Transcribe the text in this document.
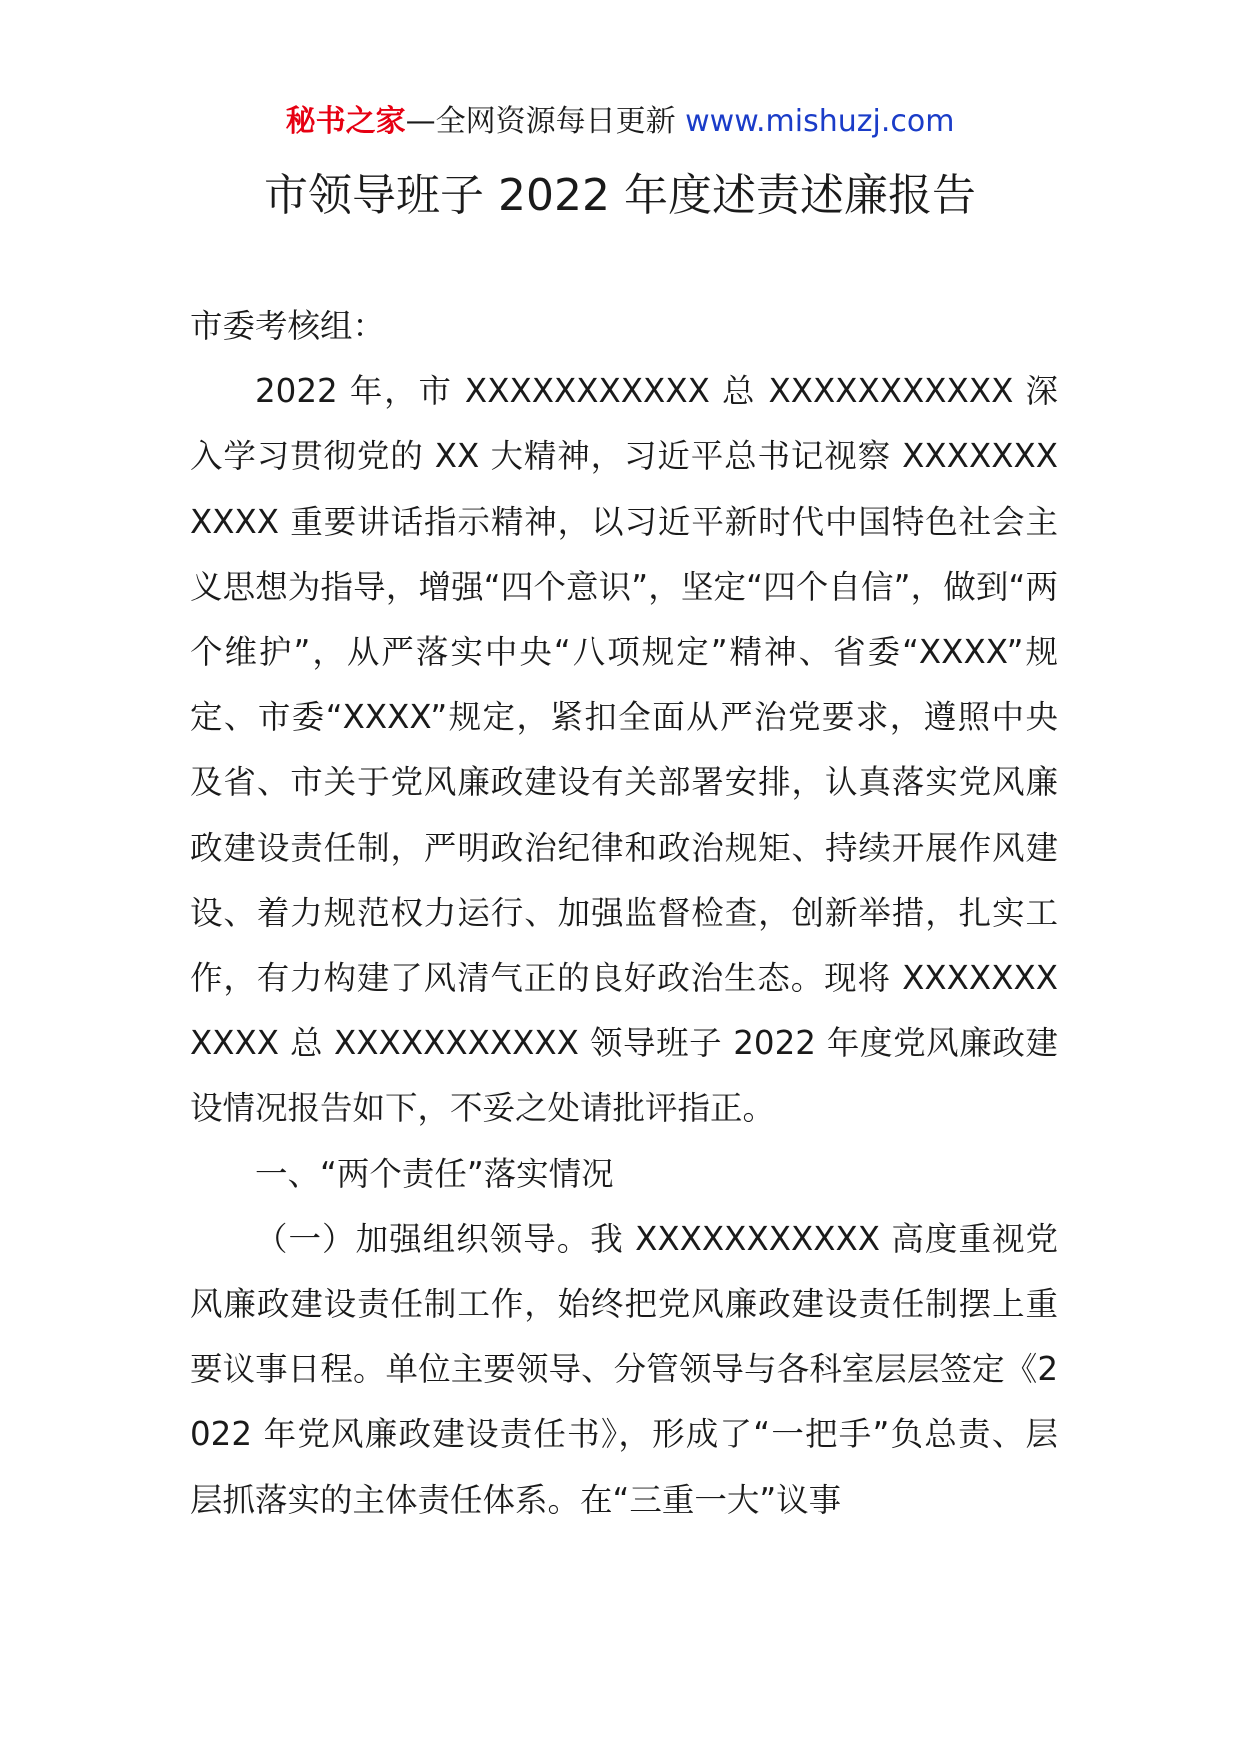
秘书之家—全网资源每日更新 www.mishuzj.com
市领导班子 2022 年度述责述廉报告

市委考核组：

2022 年，市 XXXXXXXXXXX 总 XXXXXXXXXXX 深入学习贯彻党的 XX 大精神，习近平总书记视察 XXXXXXXXXXX 重要讲话指示精神，以习近平新时代中国特色社会主义思想为指导，增强“四个意识”，坚定“四个自信”，做到“两个维护”，从严落实中央“八项规定”精神、省委“XXXX”规定、市委“XXXX”规定，紧扣全面从严治党要求，遵照中央及省、市关于党风廉政建设有关部署安排，认真落实党风廉政建设责任制，严明政治纪律和政治规矩、持续开展作风建设、着力规范权力运行、加强监督检查，创新举措，扎实工作，有力构建了风清气正的良好政治生态。现将 XXXXXXXXXXX 总 XXXXXXXXXXX 领导班子 2022 年度党风廉政建设情况报告如下，不妥之处请批评指正。

一、“两个责任”落实情况

（一）加强组织领导。我 XXXXXXXXXXX 高度重视党风廉政建设责任制工作，始终把党风廉政建设责任制摆上重要议事日程。单位主要领导、分管领导与各科室层层签定《2022 年党风廉政建设责任书》，形成了“一把手”负总责、层层抓落实的主体责任体系。在“三重一大”议事
